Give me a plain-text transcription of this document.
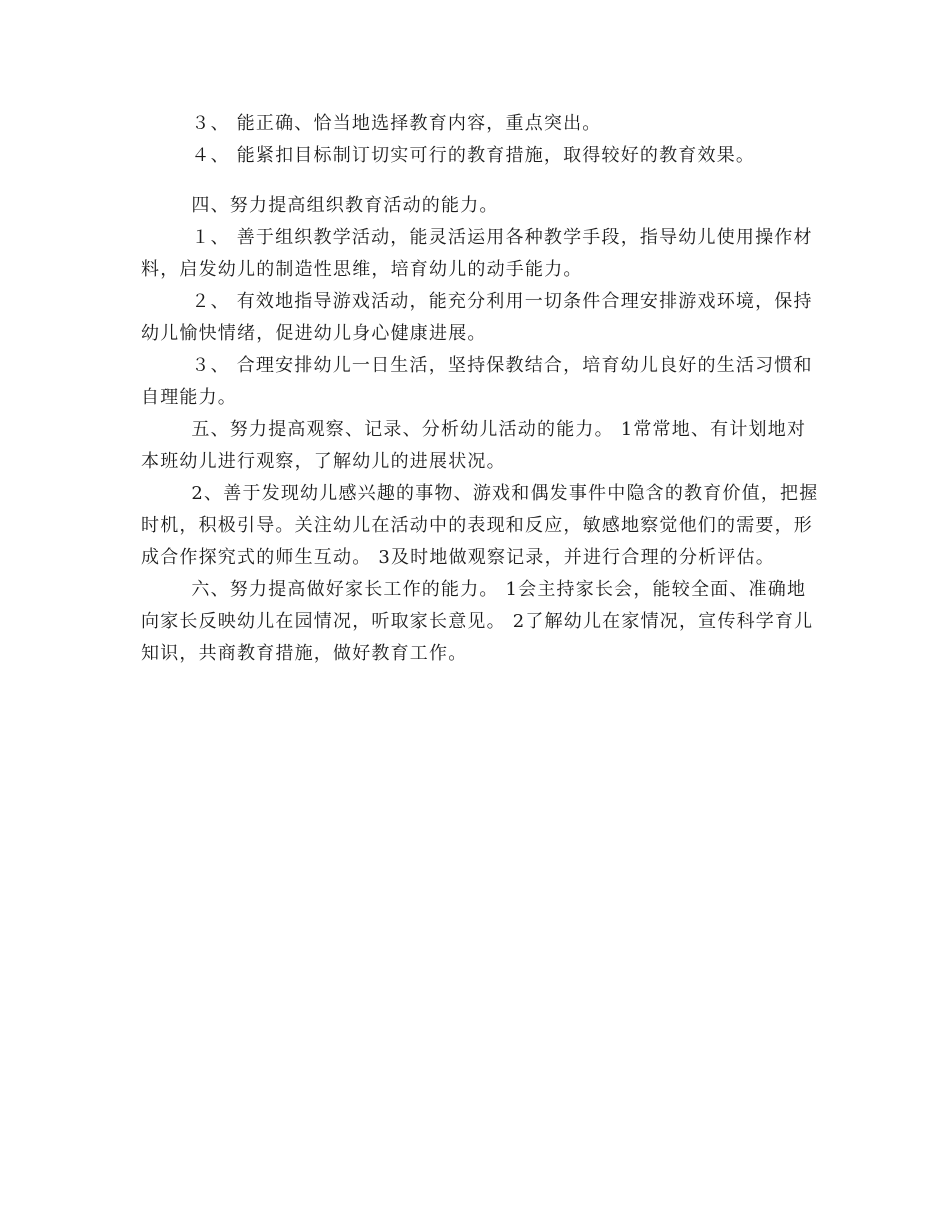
３、 能正确、恰当地选择教育内容，重点突出。

４、 能紧扣目标制订切实可行的教育措施，取得较好的教育效果。

四、努力提高组织教育活动的能力。

１、 善于组织教学活动，能灵活运用各种教学手段，指导幼儿使用操作材料，启发幼儿的制造性思维，培育幼儿的动手能力。

２、 有效地指导游戏活动，能充分利用一切条件合理安排游戏环境，保持幼儿愉快情绪，促进幼儿身心健康进展。

３、 合理安排幼儿一日生活，坚持保教结合，培育幼儿良好的生活习惯和自理能力。

五、努力提高观察、记录、分析幼儿活动的能力。 1常常地、有计划地对本班幼儿进行观察，了解幼儿的进展状况。

2、善于发现幼儿感兴趣的事物、游戏和偶发事件中隐含的教育价值，把握时机，积极引导。关注幼儿在活动中的表现和反应，敏感地察觉他们的需要，形成合作探究式的师生互动。 3及时地做观察记录，并进行合理的分析评估。

六、努力提高做好家长工作的能力。 1会主持家长会，能较全面、准确地向家长反映幼儿在园情况，听取家长意见。 2了解幼儿在家情况，宣传科学育儿知识，共商教育措施，做好教育工作。
